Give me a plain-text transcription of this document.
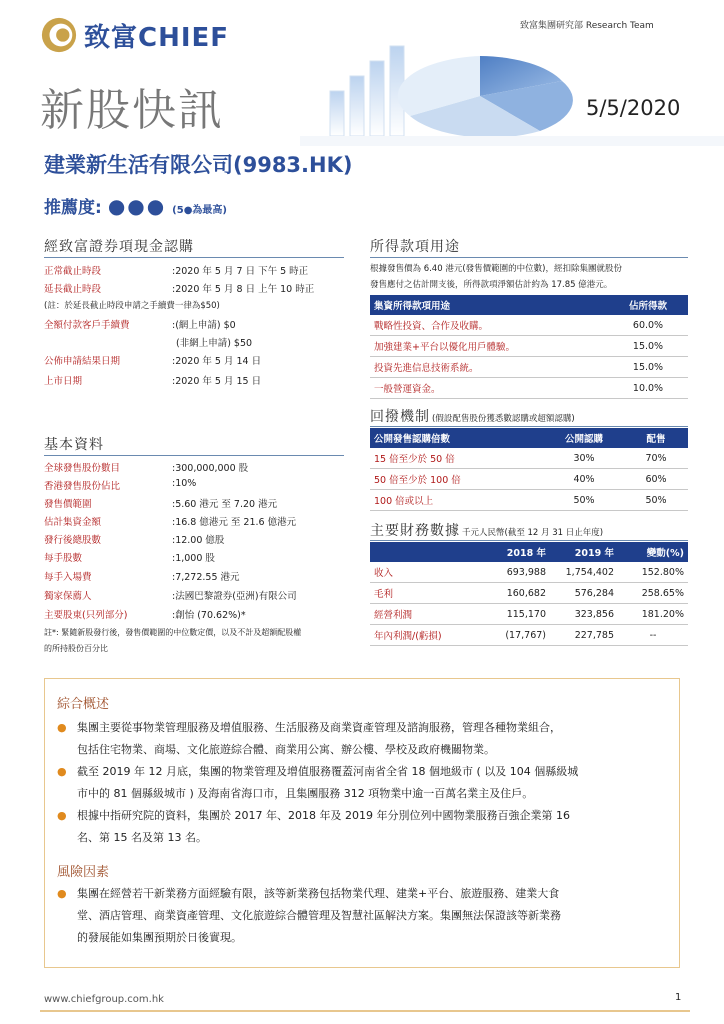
致富CHIEF	致富集團研究部 Research Team
新股快訊	5/5/2020
建業新生活有限公司(9983.HK)
推薦度: ●●● (5●為最高)
經致富證券項現金認購
正常截止時段	:2020 年 5 月 7 日 下午 5 時正
延長截止時段	:2020 年 5 月 8 日 上午 10 時正
(註：於延長截止時段申請之手續費一律為$50)
全額付款客戶手續費	:(網上申請) $0
(非網上申請) $50
公佈申請結果日期	:2020 年 5 月 14 日
上市日期	:2020 年 5 月 15 日
基本資料
全球發售股份數目	:300,000,000 股
香港發售股份佔比	:10%
發售價範圍	:5.60 港元 至 7.20 港元
估計集資金額	:16.8 億港元 至 21.6 億港元
發行後總股數	:12.00 億股
每手股數	:1,000 股
每手入場費	:7,272.55 港元
獨家保薦人	:法國巴黎證券(亞洲)有限公司
主要股東(只列部分)	:創怡 (70.62%)*
註*: 緊隨新股發行後，發售價範圍的中位數定價，以及不計及超額配股權
的所持股份百分比
所得款項用途
根據發售價為 6.40 港元(發售價範圍的中位數)，經扣除集團就股份
發售應付之估計開支後，所得款項淨額估計約為 17.85 億港元。
集資所得款項用途	佔所得款
戰略性投資、合作及收購。	60.0%
加強建業+平台以優化用戶體驗。	15.0%
投資先進信息技術系統。	15.0%
一般營運資金。	10.0%
回撥機制 (假設配售股份獲悉數認購或超額認購)
公開發售認購倍數	公開認購	配售
15 倍至少於 50 倍	30%	70%
50 倍至少於 100 倍	40%	60%
100 倍或以上	50%	50%
主要財務數據 千元人民幣(截至 12 月 31 日止年度)
	2018 年	2019 年	變動(%)
收入	693,988	1,754,402	152.80%
毛利	160,682	576,284	258.65%
經營利潤	115,170	323,856	181.20%
年內利潤/(虧損)	(17,767)	227,785	--
綜合概述
● 集團主要從事物業管理服務及增值服務、生活服務及商業資產管理及諮詢服務，管理各種物業組合，
包括住宅物業、商場、文化旅遊綜合體、商業用公寓、辦公樓、學校及政府機關物業。
● 截至 2019 年 12 月底，集團的物業管理及增值服務覆蓋河南省全省 18 個地級市 ( 以及 104 個縣級城
市中的 81 個縣級城市 ) 及海南省海口市，且集團服務 312 項物業中逾一百萬名業主及住戶。
● 根據中指研究院的資料，集團於 2017 年、2018 年及 2019 年分別位列中國物業服務百強企業第 16
名、第 15 名及第 13 名。
風險因素
● 集團在經營若干新業務方面經驗有限，該等新業務包括物業代理、建業+平台、旅遊服務、建業大食
堂、酒店管理、商業資產管理、文化旅遊綜合體管理及智慧社區解決方案。集團無法保證該等新業務
的發展能如集團預期於日後實現。
www.chiefgroup.com.hk	1
